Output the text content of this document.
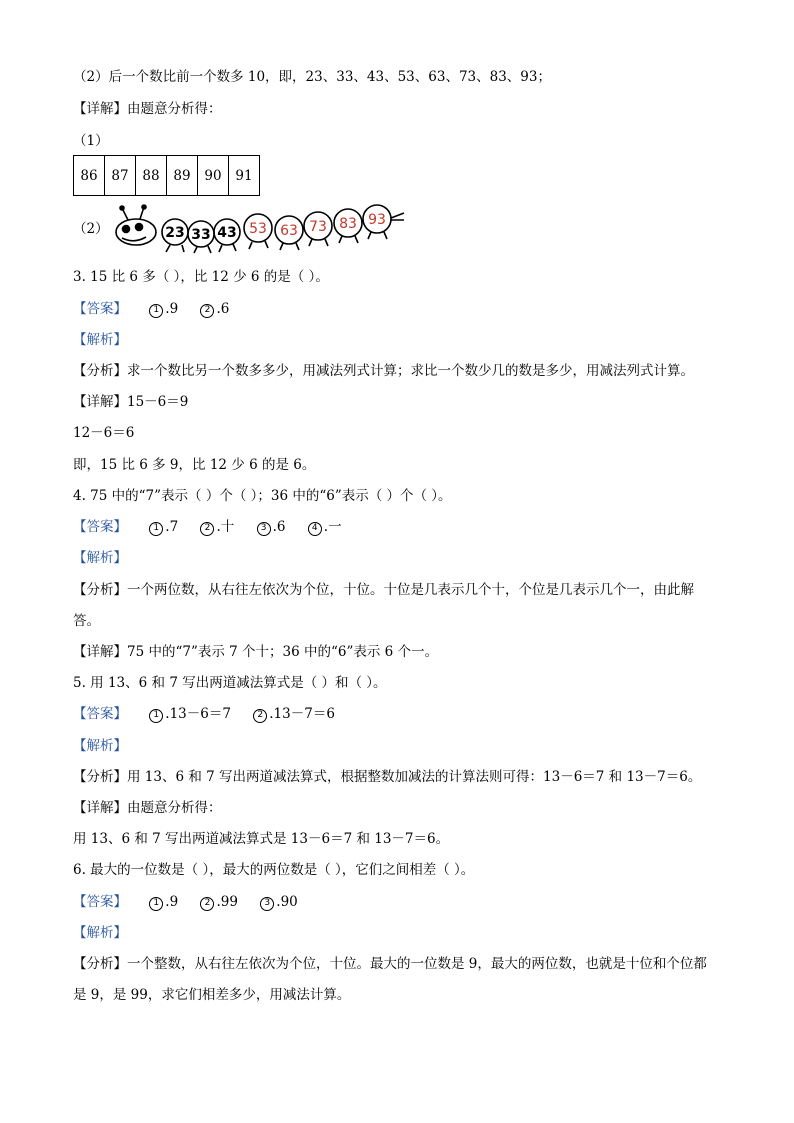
（2）后一个数比前一个数多 10，即，23、33、43、53、63、73、83、93；
【详解】由题意分析得：
（1）
86	87	88	89	90	91
（2）	23 33 43 53 63 73 83 93
3. 15 比 6 多（ ），比 12 少 6 的是（ ）。
【答案】	1 .9	2 .6
【解析】
【分析】求一个数比另一个数多多少，用减法列式计算；求比一个数少几的数是多少，用减法列式计算。
【详解】15－6＝9
12－6＝6
即，15 比 6 多 9，比 12 少 6 的是 6。
4. 75 中的“7”表示（ ）个（ ）；36 中的“6”表示（ ）个（ ）。
【答案】	1 .7	2 .十	3 .6	4 .一
【解析】
【分析】一个两位数，从右往左依次为个位，十位。十位是几表示几个十，个位是几表示几个一，由此解
答。
【详解】75 中的“7”表示 7 个十；36 中的“6”表示 6 个一。
5. 用 13、6 和 7 写出两道减法算式是（ ）和（ ）。
【答案】	1 .13－6＝7	2 .13－7＝6
【解析】
【分析】用 13、6 和 7 写出两道减法算式，根据整数加减法的计算法则可得：13－6＝7 和 13－7＝6。
【详解】由题意分析得：
用 13、6 和 7 写出两道减法算式是 13－6＝7 和 13－7＝6。
6. 最大的一位数是（ ），最大的两位数是（ ），它们之间相差（ ）。
【答案】	1 .9	2 .99	3 .90
【解析】
【分析】一个整数，从右往左依次为个位，十位。最大的一位数是 9，最大的两位数，也就是十位和个位都
是 9，是 99，求它们相差多少，用减法计算。
